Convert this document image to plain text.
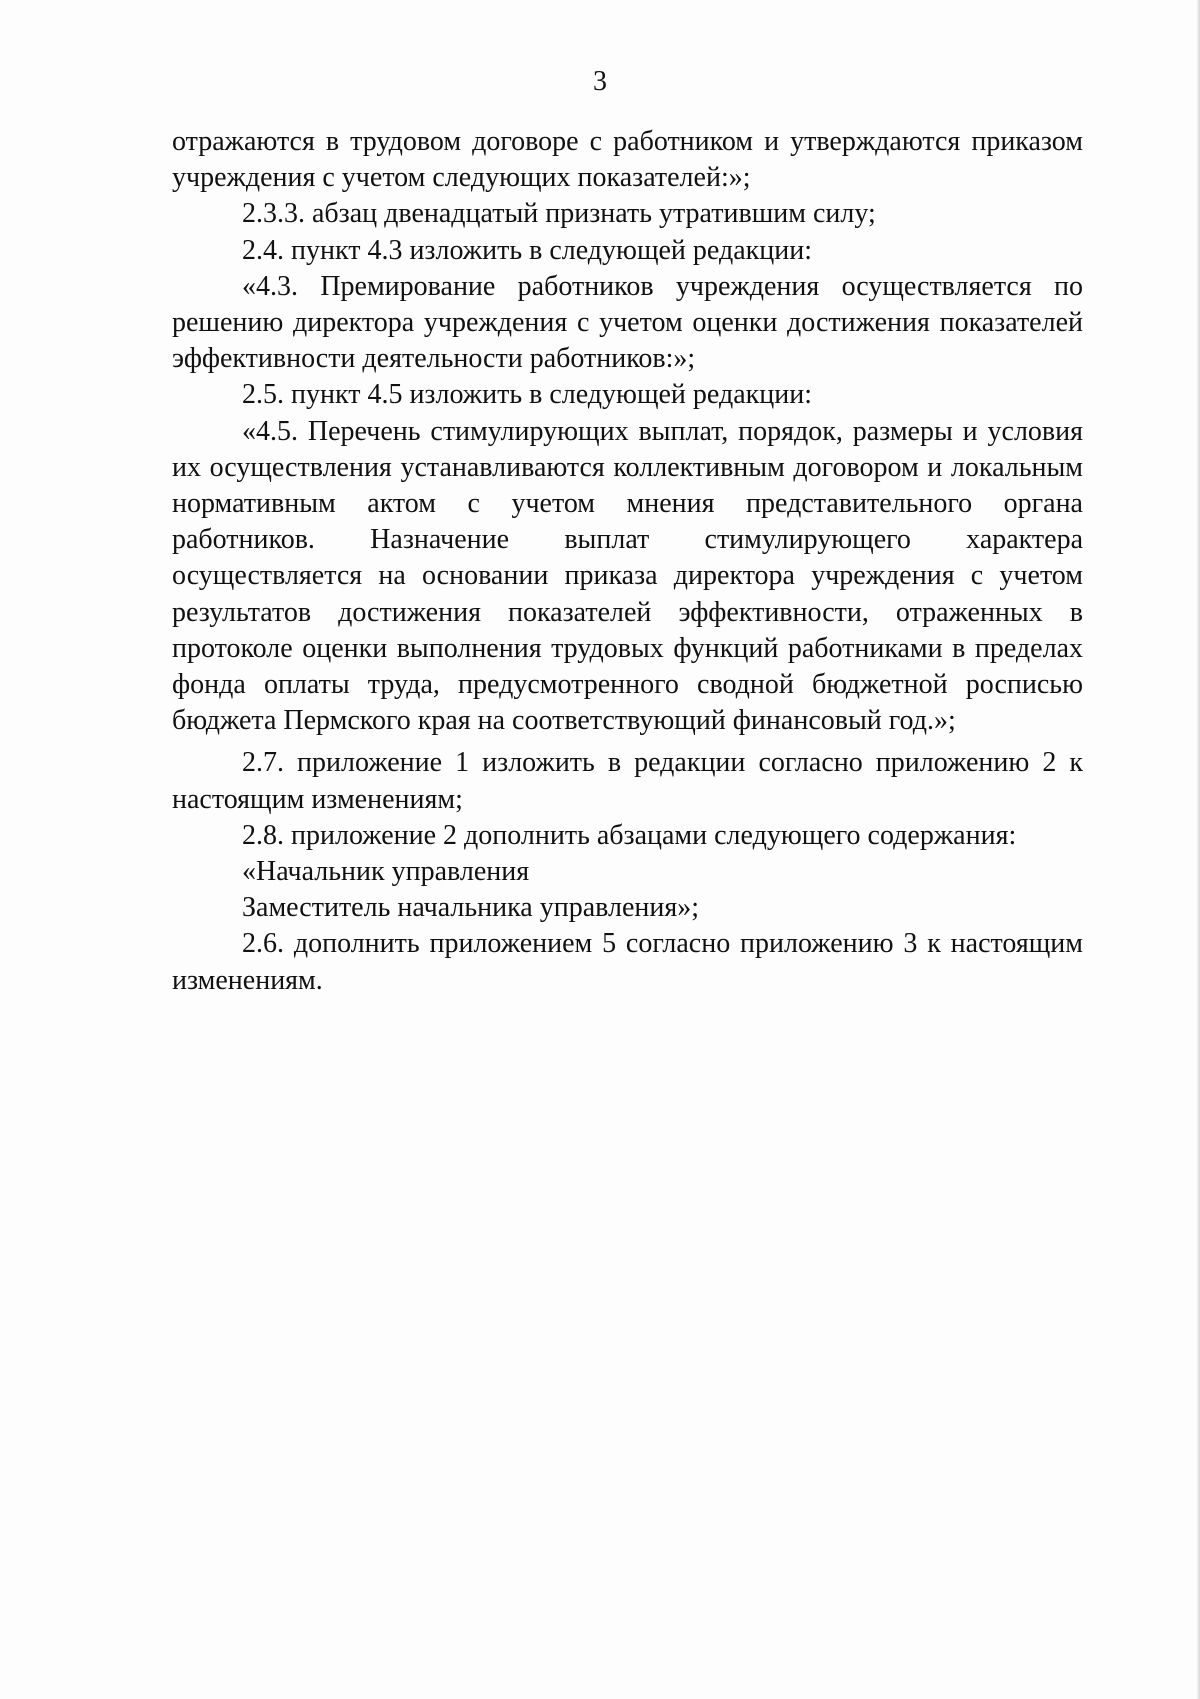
3

отражаются в трудовом договоре с работником и утверждаются приказом учреждения с учетом следующих показателей:»;

2.3.3. абзац двенадцатый признать утратившим силу;

2.4. пункт 4.3 изложить в следующей редакции:

«4.3. Премирование работников учреждения осуществляется по решению директора учреждения с учетом оценки достижения показателей эффективности деятельности работников:»;

2.5. пункт 4.5 изложить в следующей редакции:

«4.5. Перечень стимулирующих выплат, порядок, размеры и условия их осуществления устанавливаются коллективным договором и локальным нормативным актом с учетом мнения представительного органа работников. Назначение выплат стимулирующего характера осуществляется на основании приказа директора учреждения с учетом результатов достижения показателей эффективности, отраженных в протоколе оценки выполнения трудовых функций работниками в пределах фонда оплаты труда, предусмотренного сводной бюджетной росписью бюджета Пермского края на соответствующий финансовый год.»;

2.7. приложение 1 изложить в редакции согласно приложению 2 к настоящим изменениям;

2.8. приложение 2 дополнить абзацами следующего содержания:

«Начальник управления

Заместитель начальника управления»;

2.6. дополнить приложением 5 согласно приложению 3 к настоящим изменениям.
